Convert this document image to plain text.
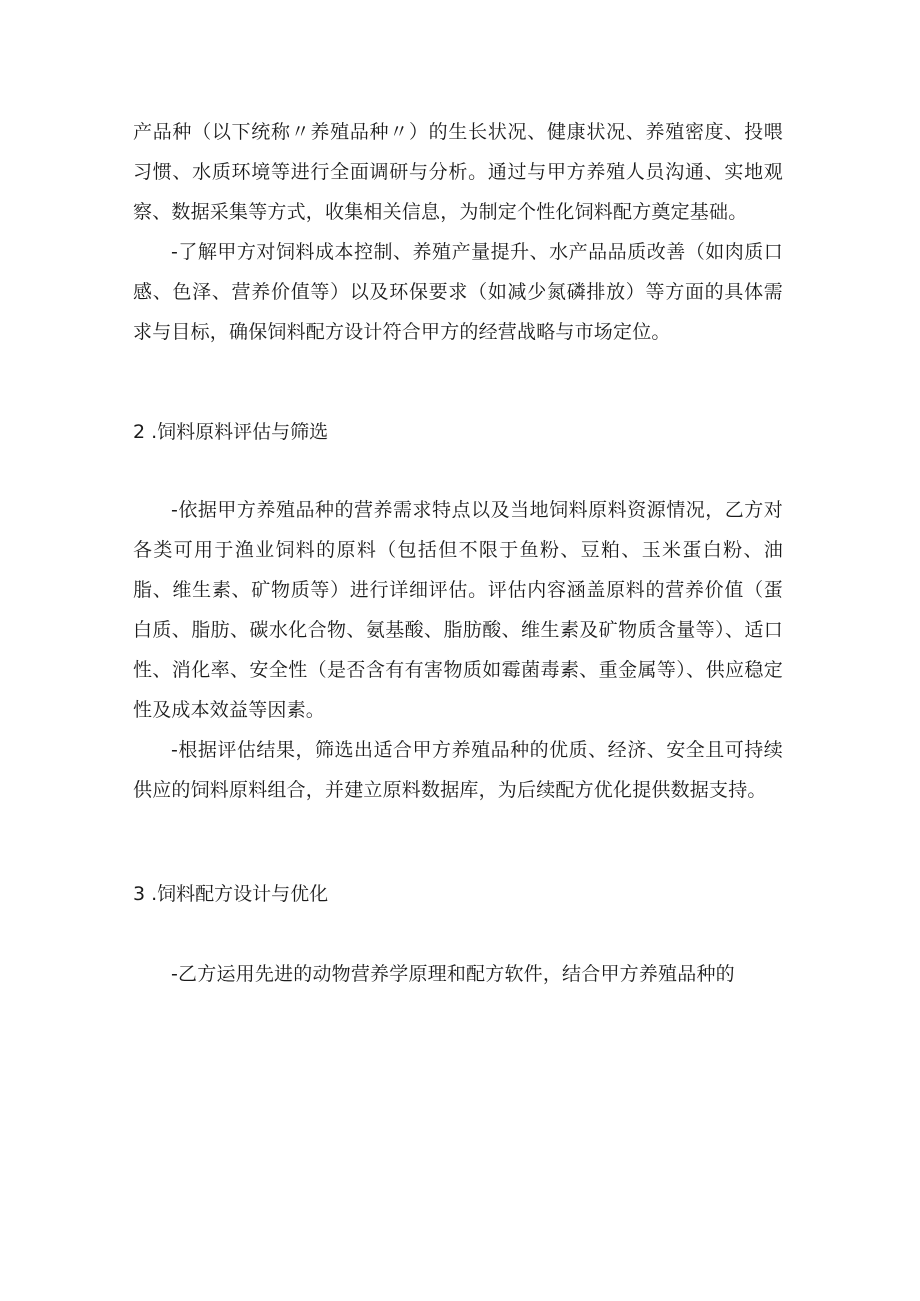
产品种（以下统称〃养殖品种〃）的生长状况、健康状况、养殖密度、投喂习惯、水质环境等进行全面调研与分析。通过与甲方养殖人员沟通、实地观察、数据采集等方式，收集相关信息，为制定个性化饲料配方奠定基础。

-了解甲方对饲料成本控制、养殖产量提升、水产品品质改善（如肉质口感、色泽、营养价值等）以及环保要求（如减少氮磷排放）等方面的具体需求与目标，确保饲料配方设计符合甲方的经营战略与市场定位。

2 .饲料原料评估与筛选

-依据甲方养殖品种的营养需求特点以及当地饲料原料资源情况，乙方对各类可用于渔业饲料的原料（包括但不限于鱼粉、豆粕、玉米蛋白粉、油脂、维生素、矿物质等）进行详细评估。评估内容涵盖原料的营养价值（蛋白质、脂肪、碳水化合物、氨基酸、脂肪酸、维生素及矿物质含量等）、适口性、消化率、安全性（是否含有有害物质如霉菌毒素、重金属等）、供应稳定性及成本效益等因素。

-根据评估结果，筛选出适合甲方养殖品种的优质、经济、安全且可持续供应的饲料原料组合，并建立原料数据库，为后续配方优化提供数据支持。

3 .饲料配方设计与优化

-乙方运用先进的动物营养学原理和配方软件，结合甲方养殖品种的
